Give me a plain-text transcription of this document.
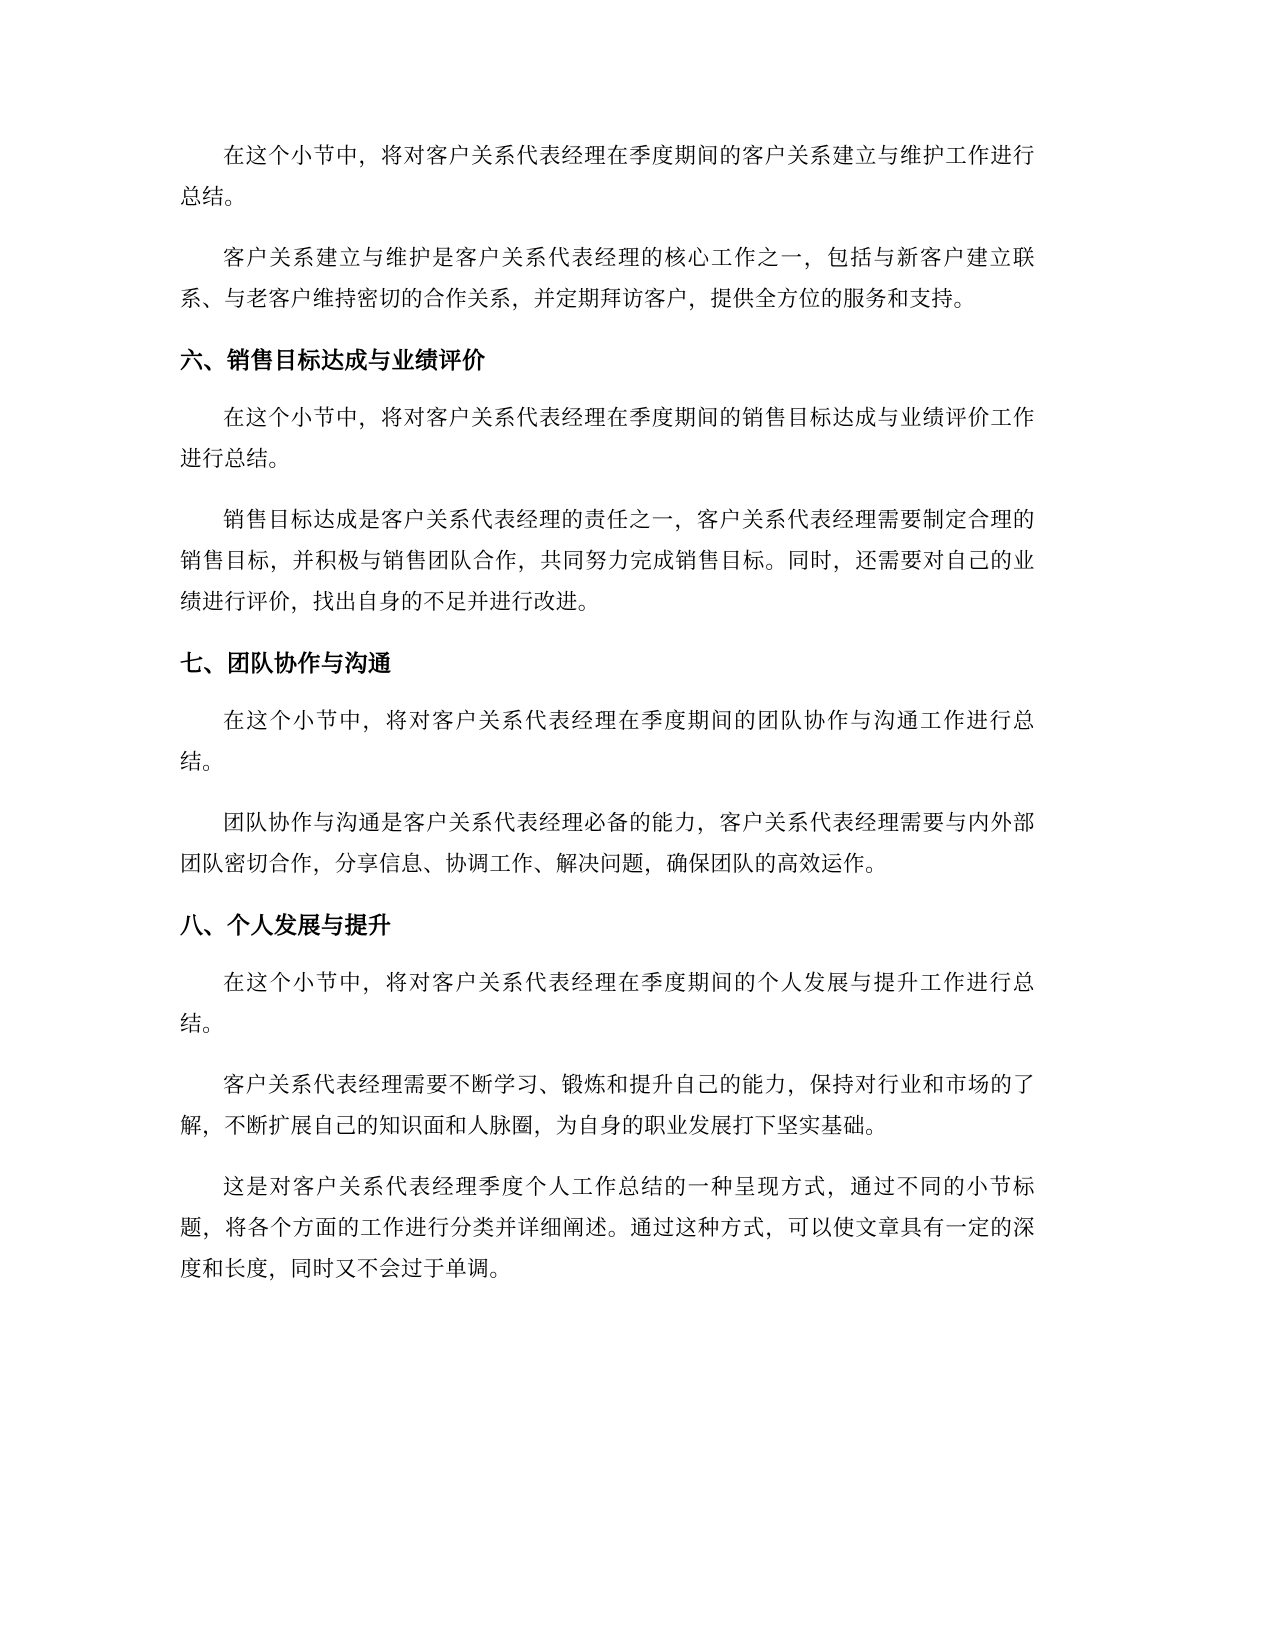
在这个小节中，将对客户关系代表经理在季度期间的客户关系建立与维护工作进行总结。

客户关系建立与维护是客户关系代表经理的核心工作之一，包括与新客户建立联系、与老客户维持密切的合作关系，并定期拜访客户，提供全方位的服务和支持。

六、销售目标达成与业绩评价

在这个小节中，将对客户关系代表经理在季度期间的销售目标达成与业绩评价工作进行总结。

销售目标达成是客户关系代表经理的责任之一，客户关系代表经理需要制定合理的销售目标，并积极与销售团队合作，共同努力完成销售目标。同时，还需要对自己的业绩进行评价，找出自身的不足并进行改进。

七、团队协作与沟通

在这个小节中，将对客户关系代表经理在季度期间的团队协作与沟通工作进行总结。

团队协作与沟通是客户关系代表经理必备的能力，客户关系代表经理需要与内外部团队密切合作，分享信息、协调工作、解决问题，确保团队的高效运作。

八、个人发展与提升

在这个小节中，将对客户关系代表经理在季度期间的个人发展与提升工作进行总结。

客户关系代表经理需要不断学习、锻炼和提升自己的能力，保持对行业和市场的了解，不断扩展自己的知识面和人脉圈，为自身的职业发展打下坚实基础。

这是对客户关系代表经理季度个人工作总结的一种呈现方式，通过不同的小节标题，将各个方面的工作进行分类并详细阐述。通过这种方式，可以使文章具有一定的深度和长度，同时又不会过于单调。
